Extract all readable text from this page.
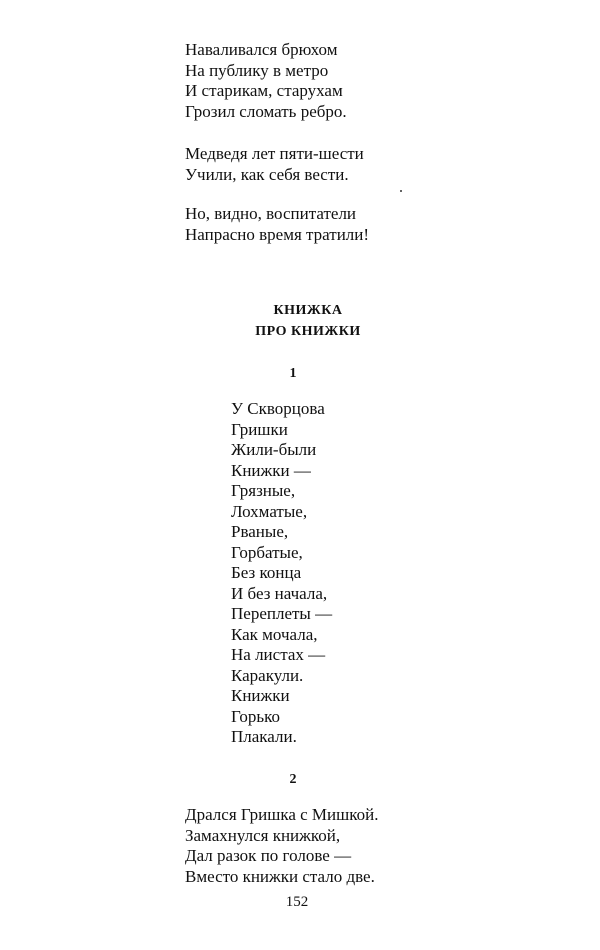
Наваливался брюхом
На публику в метро
И старикам, старухам
Грозил сломать ребро.
Медведя лет пяти-шести
Учили, как себя вести.
Но, видно, воспитатели
Напрасно время тратили!
КНИЖКА
ПРО КНИЖКИ
1
У Скворцова
Гришки
Жили-были
Книжки —
Грязные,
Лохматые,
Рваные,
Горбатые,
Без конца
И без начала,
Переплеты —
Как мочала,
На листах —
Каракули.
Книжки
Горько
Плакали.
2
Дрался Гришка с Мишкой.
Замахнулся книжкой,
Дал разок по голове —
Вместо книжки стало две.
152
